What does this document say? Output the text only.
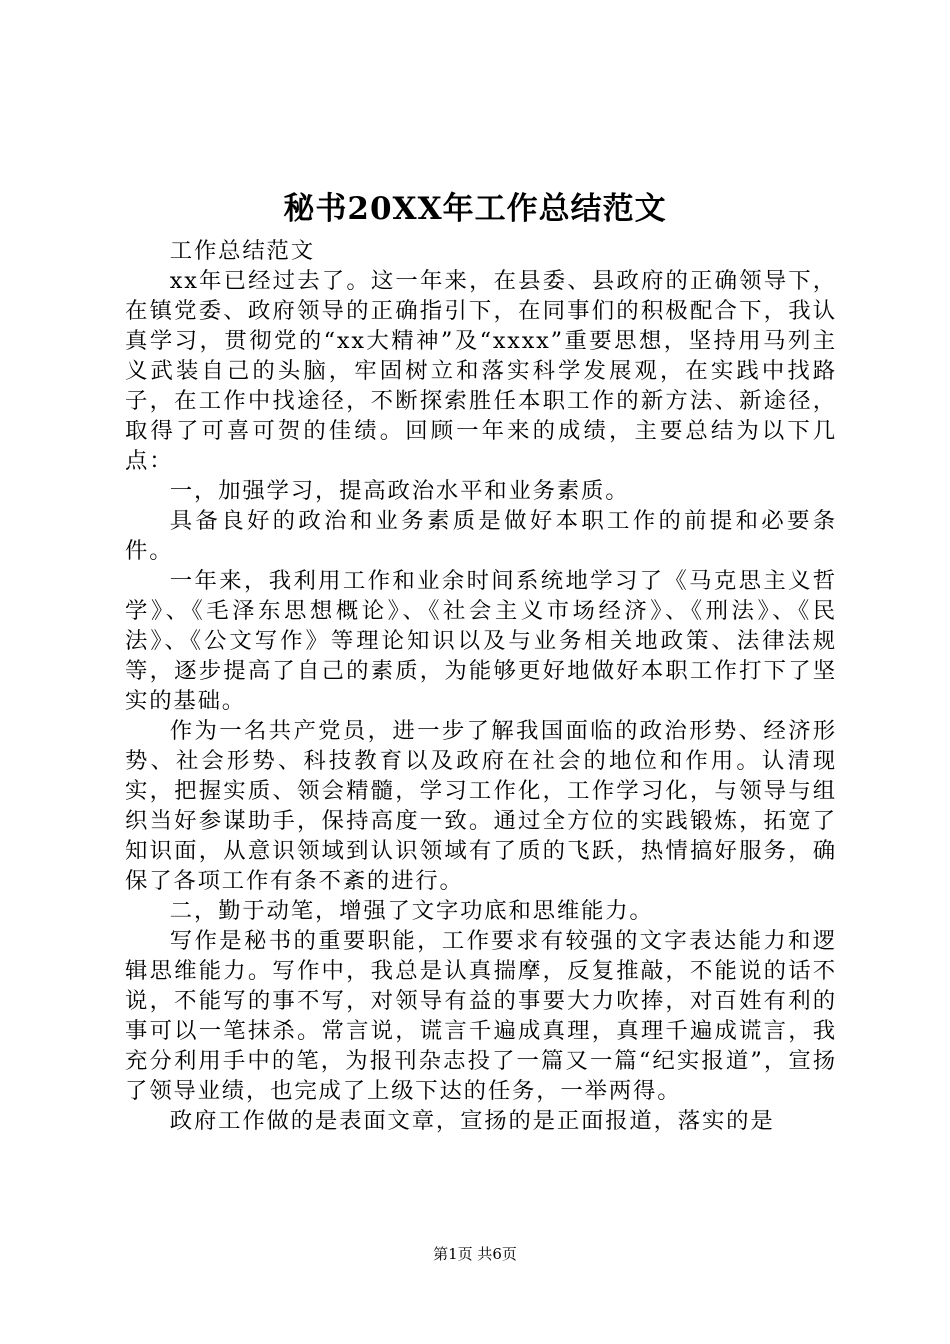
秘书20XX年工作总结范文

工作总结范文

xx年已经过去了。这一年来，在县委、县政府的正确领导下，在镇党委、政府领导的正确指引下，在同事们的积极配合下，我认真学习，贯彻党的“xx大精神”及“xxxx”重要思想，坚持用马列主义武装自己的头脑，牢固树立和落实科学发展观，在实践中找路子，在工作中找途径，不断探索胜任本职工作的新方法、新途径，取得了可喜可贺的佳绩。回顾一年来的成绩，主要总结为以下几点：

一，加强学习，提高政治水平和业务素质。

具备良好的政治和业务素质是做好本职工作的前提和必要条件。

一年来，我利用工作和业余时间系统地学习了《马克思主义哲学》、《毛泽东思想概论》、《社会主义市场经济》、《刑法》、《民法》、《公文写作》等理论知识以及与业务相关地政策、法律法规等，逐步提高了自己的素质，为能够更好地做好本职工作打下了坚实的基础。

作为一名共产党员，进一步了解我国面临的政治形势、经济形势、社会形势、科技教育以及政府在社会的地位和作用。认清现实，把握实质、领会精髓，学习工作化，工作学习化，与领导与组织当好参谋助手，保持高度一致。通过全方位的实践锻炼，拓宽了知识面，从意识领域到认识领域有了质的飞跃，热情搞好服务，确保了各项工作有条不紊的进行。

二，勤于动笔，增强了文字功底和思维能力。

写作是秘书的重要职能，工作要求有较强的文字表达能力和逻辑思维能力。写作中，我总是认真揣摩，反复推敲，不能说的话不说，不能写的事不写，对领导有益的事要大力吹捧，对百姓有利的事可以一笔抹杀。常言说，谎言千遍成真理，真理千遍成谎言，我充分利用手中的笔，为报刊杂志投了一篇又一篇“纪实报道”，宣扬了领导业绩，也完成了上级下达的任务，一举两得。

政府工作做的是表面文章，宣扬的是正面报道，落实的是

第1页 共6页
